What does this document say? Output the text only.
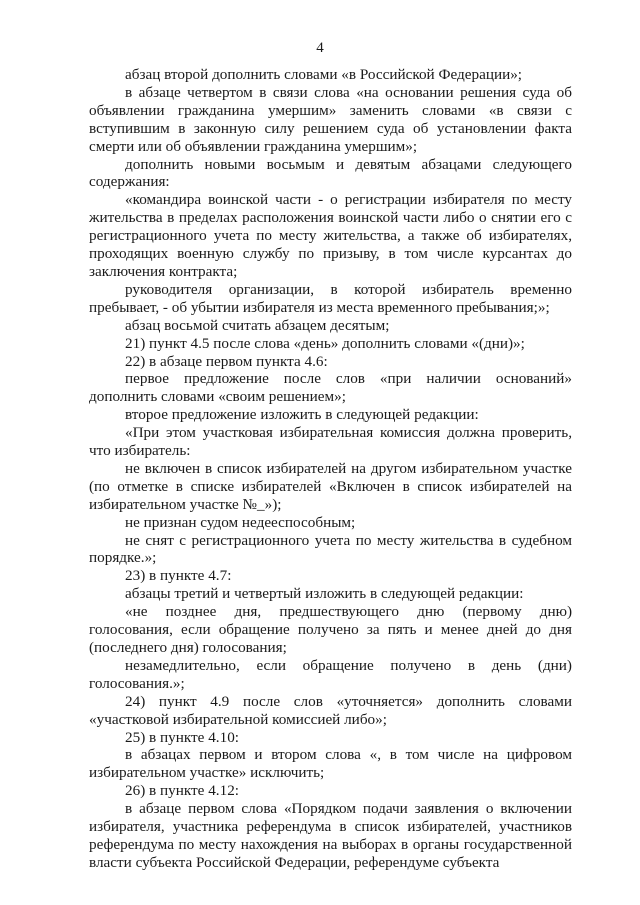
4

абзац второй дополнить словами «в Российской Федерации»;

в абзаце четвертом в связи слова «на основании решения суда об объявлении гражданина умершим» заменить словами «в связи с вступившим в законную силу решением суда об установлении факта смерти или об объявлении гражданина умершим»;

дополнить новыми восьмым и девятым абзацами следующего содержания:

«командира воинской части - о регистрации избирателя по месту жительства в пределах расположения воинской части либо о снятии его с регистрационного учета по месту жительства, а также об избирателях, проходящих военную службу по призыву, в том числе курсантах до заключения контракта;

руководителя организации, в которой избиратель временно пребывает, - об убытии избирателя из места временного пребывания;»;

абзац восьмой считать абзацем десятым;

21) пункт 4.5 после слова «день» дополнить словами «(дни)»;

22) в абзаце первом пункта 4.6:

первое предложение после слов «при наличии оснований» дополнить словами «своим решением»;

второе предложение изложить в следующей редакции:

«При этом участковая избирательная комиссия должна проверить, что избиратель:

не включен в список избирателей на другом избирательном участке (по отметке в списке избирателей «Включен в список избирателей на избирательном участке №_»);

не признан судом недееспособным;

не снят с регистрационного учета по месту жительства в судебном порядке.»;

23) в пункте 4.7:

абзацы третий и четвертый изложить в следующей редакции:

«не позднее дня, предшествующего дню (первому дню) голосования, если обращение получено за пять и менее дней до дня (последнего дня) голосования;

незамедлительно, если обращение получено в день (дни) голосования.»;

24) пункт 4.9 после слов «уточняется» дополнить словами «участковой избирательной комиссией либо»;

25) в пункте 4.10:

в абзацах первом и втором слова «, в том числе на цифровом избирательном участке» исключить;

26) в пункте 4.12:

в абзаце первом слова «Порядком подачи заявления о включении избирателя, участника референдума в список избирателей, участников референдума по месту нахождения на выборах в органы государственной власти субъекта Российской Федерации, референдуме субъекта
